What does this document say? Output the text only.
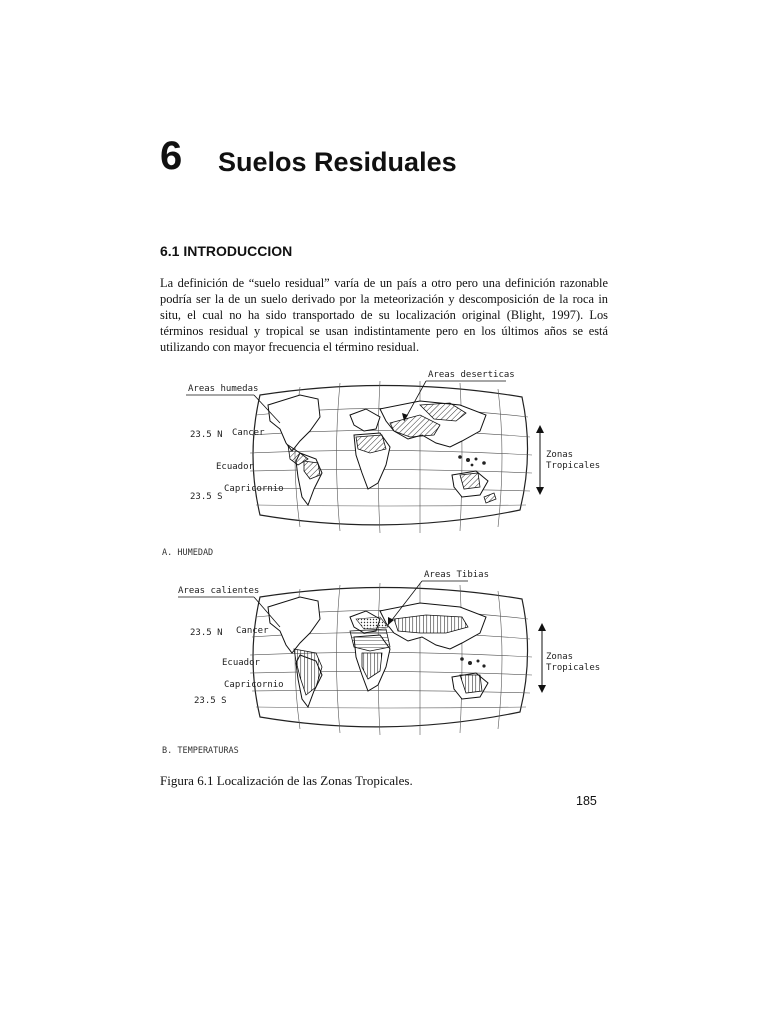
6 Suelos Residuales
6.1 INTRODUCCION

La definición de “suelo residual” varía de un país a otro pero una definición razonable podría ser la de un suelo derivado por la meteorización y descomposición de la roca in situ, el cual no ha sido transportado de su localización original (Blight, 1997). Los términos residual y tropical se usan indistintamente pero en los últimos años se está utilizando con mayor frecuencia el término residual.

Areas humedas
Areas deserticas
23.5 N Cancer
Ecuador
Capricornio
23.5 S
Zonas
Tropicales
A. HUMEDAD
Areas calientes
Areas Tibias
23.5 N Cancer
Ecuador
Capricornio
23.5 S
Zonas
Tropicales
B. TEMPERATURAS
Figura 6.1 Localización de las Zonas Tropicales.
185
